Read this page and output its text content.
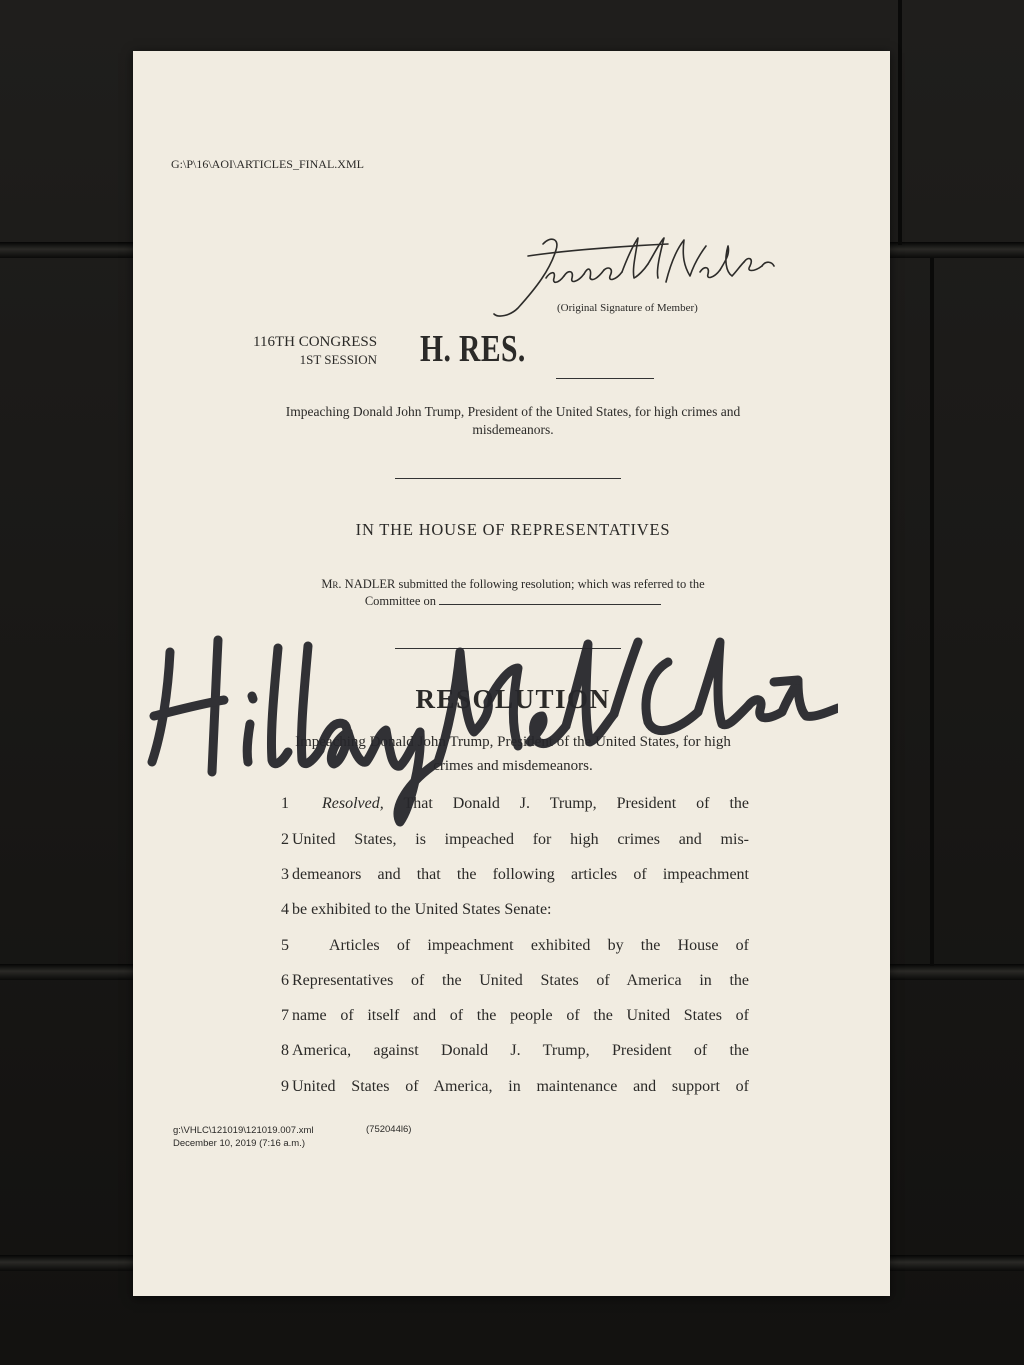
G:\P\16\AOI\ARTICLES_FINAL.XML
(Original Signature of Member)
116TH CONGRESS
1ST SESSION H. RES.
Impeaching Donald John Trump, President of the United States, for high crimes and misdemeanors.
IN THE HOUSE OF REPRESENTATIVES
Mr. NADLER submitted the following resolution; which was referred to the
Committee on
RESOLUTION
Impeaching Donald John Trump, President of the United States, for high crimes and misdemeanors.
1 Resolved, That Donald J. Trump, President of the
2 United States, is impeached for high crimes and mis-
3 demeanors and that the following articles of impeachment
4 be exhibited to the United States Senate:
5	Articles of impeachment exhibited by the House of
6 Representatives of the United States of America in the
7 name of itself and of the people of the United States of
8 America, against Donald J. Trump, President of the
9 United States of America, in maintenance and support of
g:\VHLC\121019\121019.007.xml
December 10, 2019 (7:16 a.m.)
(752044l6)
